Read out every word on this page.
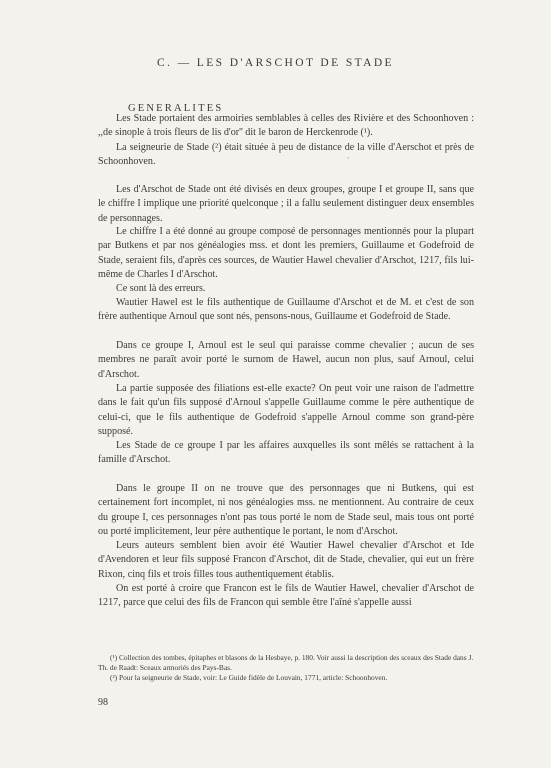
C. — LES D'ARSCHOT DE STADE
GENERALITES

Les Stade portaient des armoiries semblables à celles des Rivière et des Schoonhoven : ,,de sinople à trois fleurs de lis d'or'' dit le baron de Herckenrode (¹).

La seigneurie de Stade (²) était située à peu de distance de la ville d'Aerschot et près de Schoonhoven.	ˇ

Les d'Arschot de Stade ont été divisés en deux groupes, groupe I et groupe II, sans que le chiffre I implique une priorité quelconque ; il a fallu seulement distinguer deux ensembles de personnages.

Le chiffre I a été donné au groupe composé de personnages mentionnés pour la plupart par Butkens et par nos généalogies mss. et dont les premiers, Guillaume et Godefroid de Stade, seraient fils, d'après ces sources, de Wautier Hawel chevalier d'Arschot, 1217, fils lui-même de Charles I d'Arschot.

Ce sont là des erreurs.

Wautier Hawel est le fils authentique de Guillaume d'Arschot et de M. et c'est de son frère authentique Arnoul que sont nés, pensons-nous, Guillaume et Godefroid de Stade.

Dans ce groupe I, Arnoul est le seul qui paraisse comme chevalier ; aucun de ses membres ne paraît avoir porté le surnom de Hawel, aucun non plus, sauf Arnoul, celui d'Arschot.

La partie supposée des filiations est-elle exacte? On peut voir une raison de l'admettre dans le fait qu'un fils supposé d'Arnoul s'appelle Guillaume comme le père authentique de celui-ci, que le fils authentique de Godefroid s'appelle Arnoul comme son grand-père supposé.

Les Stade de ce groupe I par les affaires auxquelles ils sont mêlés se rattachent à la famille d'Arschot.

Dans le groupe II on ne trouve que des personnages que ni Butkens, qui est certainement fort incomplet, ni nos généalogies mss. ne mentionnent. Au contraire de ceux du groupe I, ces personnages n'ont pas tous porté le nom de Stade seul, mais tous ont porté ou porté implicitement, leur père authentique le portant, le nom d'Arschot.

Leurs auteurs semblent bien avoir été Wautier Hawel chevalier d'Arschot et Ide d'Avendoren et leur fils supposé Francon d'Arschot, dit de Stade, chevalier, qui eut un frère Rixon, cinq fils et trois filles tous authentiquement établis.

On est porté à croire que Francon est le fils de Wautier Hawel, chevalier d'Arschot de 1217, parce que celui des fils de Francon qui semble être l'aîné s'appelle aussi

(¹) Collection des tombes, épitaphes et blasons de la Hesbaye, p. 180. Voir aussi la description des sceaux des Stade dans J. Th. de Raadt: Sceaux armoriés des Pays-Bas.

(²) Pour la seigneurie de Stade, voir: Le Guide fidèle de Louvain, 1771, article: Schoonhoven.

98
